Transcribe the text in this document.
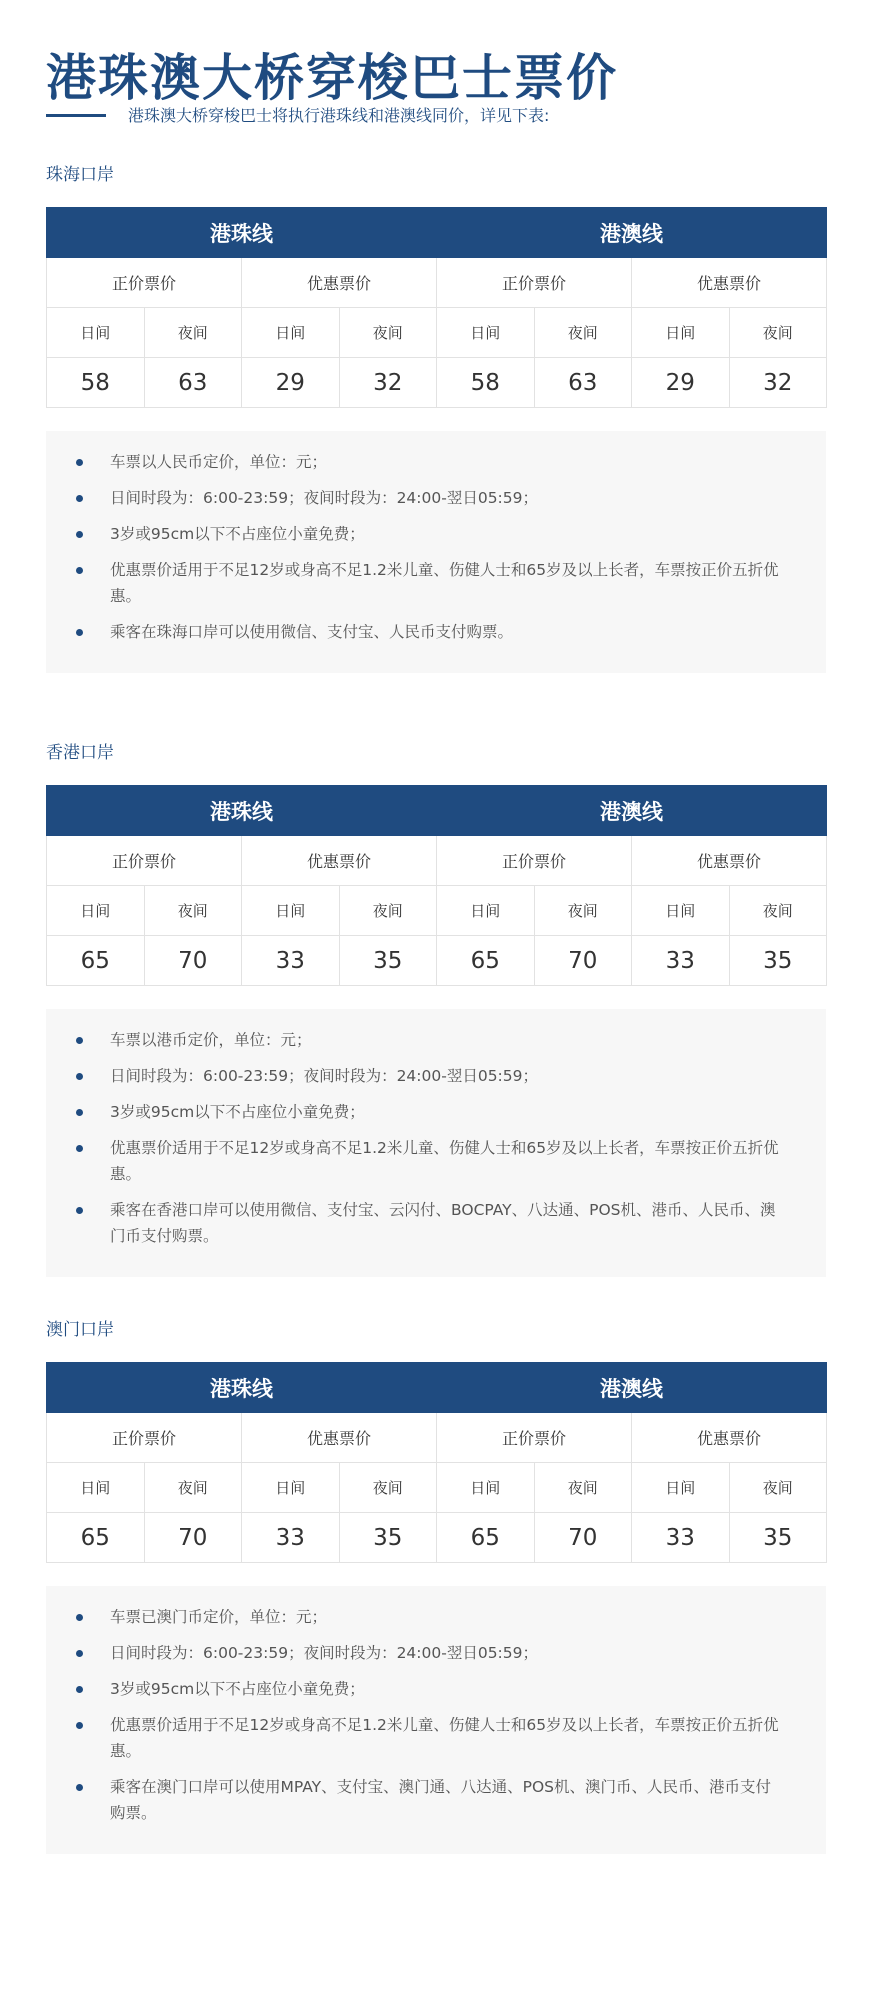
港珠澳大桥穿梭巴士票价
港珠澳大桥穿梭巴士将执行港珠线和港澳线同价，详见下表:
珠海口岸
港珠线				港澳线			
正价票价		优惠票价		正价票价		优惠票价	
日间	夜间	日间	夜间	日间	夜间	日间	夜间
58	63	29	32	58	63	29	32
车票以人民币定价，单位：元；
日间时段为：6:00-23:59；夜间时段为：24:00-翌日05:59；
3岁或95cm以下不占座位小童免费；
优惠票价适用于不足12岁或身高不足1.2米儿童、伤健人士和65岁及以上长者，车票按正价五折优惠。
乘客在珠海口岸可以使用微信、支付宝、人民币支付购票。
香港口岸
港珠线				港澳线			
正价票价		优惠票价		正价票价		优惠票价	
日间	夜间	日间	夜间	日间	夜间	日间	夜间
65	70	33	35	65	70	33	35
车票以港币定价，单位：元；
日间时段为：6:00-23:59；夜间时段为：24:00-翌日05:59；
3岁或95cm以下不占座位小童免费；
优惠票价适用于不足12岁或身高不足1.2米儿童、伤健人士和65岁及以上长者，车票按正价五折优惠。
乘客在香港口岸可以使用微信、支付宝、云闪付、BOCPAY、八达通、POS机、港币、人民币、澳门币支付购票。
澳门口岸
港珠线				港澳线			
正价票价		优惠票价		正价票价		优惠票价	
日间	夜间	日间	夜间	日间	夜间	日间	夜间
65	70	33	35	65	70	33	35
车票已澳门币定价，单位：元；
日间时段为：6:00-23:59；夜间时段为：24:00-翌日05:59；
3岁或95cm以下不占座位小童免费；
优惠票价适用于不足12岁或身高不足1.2米儿童、伤健人士和65岁及以上长者，车票按正价五折优惠。
乘客在澳门口岸可以使用MPAY、支付宝、澳门通、八达通、POS机、澳门币、人民币、港币支付购票。
